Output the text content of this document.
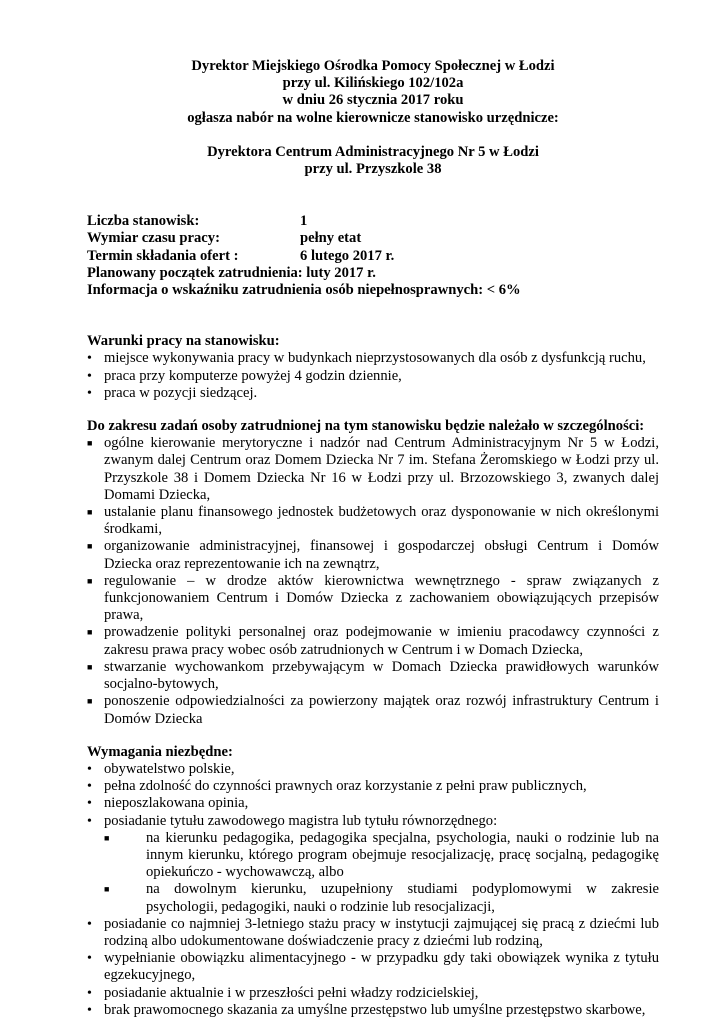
Dyrektor Miejskiego Ośrodka Pomocy Społecznej w Łodzi
przy ul. Kilińskiego 102/102a
w dniu 26 stycznia 2017 roku
ogłasza nabór na wolne kierownicze stanowisko urzędnicze:
Dyrektora Centrum Administracyjnego Nr 5 w Łodzi
przy ul. Przyszkole 38
Liczba stanowisk:	1
Wymiar czasu pracy:	pełny etat
Termin składania ofert :	6 lutego 2017 r.
Planowany początek zatrudnienia: luty 2017 r.
Informacja o wskaźniku zatrudnienia osób niepełnosprawnych: < 6%
Warunki pracy na stanowisku:
• miejsce wykonywania pracy w budynkach nieprzystosowanych dla osób z dysfunkcją ruchu,
• praca przy komputerze powyżej 4 godzin dziennie,
• praca w pozycji siedzącej.
Do zakresu zadań osoby zatrudnionej na tym stanowisku będzie należało w szczególności:
■ ogólne kierowanie merytoryczne i nadzór nad Centrum Administracyjnym Nr 5 w Łodzi, zwanym dalej Centrum oraz Domem Dziecka Nr 7 im. Stefana Żeromskiego w Łodzi przy ul. Przyszkole 38 i Domem Dziecka Nr 16 w Łodzi przy ul. Brzozowskiego 3, zwanych dalej Domami Dziecka,
■ ustalanie planu finansowego jednostek budżetowych oraz dysponowanie w nich określonymi środkami,
■ organizowanie administracyjnej, finansowej i gospodarczej obsługi Centrum i Domów Dziecka oraz reprezentowanie ich na zewnątrz,
■ regulowanie – w drodze aktów kierownictwa wewnętrznego - spraw związanych z funkcjonowaniem Centrum i Domów Dziecka z zachowaniem obowiązujących przepisów prawa,
■ prowadzenie polityki personalnej oraz podejmowanie w imieniu pracodawcy czynności z zakresu prawa pracy wobec osób zatrudnionych w Centrum i w Domach Dziecka,
■ stwarzanie wychowankom przebywającym w Domach Dziecka prawidłowych warunków socjalno-bytowych,
■ ponoszenie odpowiedzialności za powierzony majątek oraz rozwój infrastruktury Centrum i Domów Dziecka
Wymagania niezbędne:
• obywatelstwo polskie,
• pełna zdolność do czynności prawnych oraz korzystanie z pełni praw publicznych,
• nieposzlakowana opinia,
• posiadanie tytułu zawodowego magistra lub tytułu równorzędnego:
■	na kierunku pedagogika, pedagogika specjalna, psychologia, nauki o rodzinie lub na innym kierunku, którego program obejmuje resocjalizację, pracę socjalną, pedagogikę opiekuńczo - wychowawczą, albo
■	na dowolnym kierunku, uzupełniony studiami podyplomowymi w zakresie psychologii, pedagogiki, nauki o rodzinie lub resocjalizacji,
• posiadanie co najmniej 3-letniego stażu pracy w instytucji zajmującej się pracą z dziećmi lub rodziną albo udokumentowane doświadczenie pracy z dziećmi lub rodziną,
• wypełnianie obowiązku alimentacyjnego - w przypadku gdy taki obowiązek wynika z tytułu egzekucyjnego,
• posiadanie aktualnie i w przeszłości pełni władzy rodzicielskiej,
• brak prawomocnego skazania za umyślne przestępstwo lub umyślne przestępstwo skarbowe,
